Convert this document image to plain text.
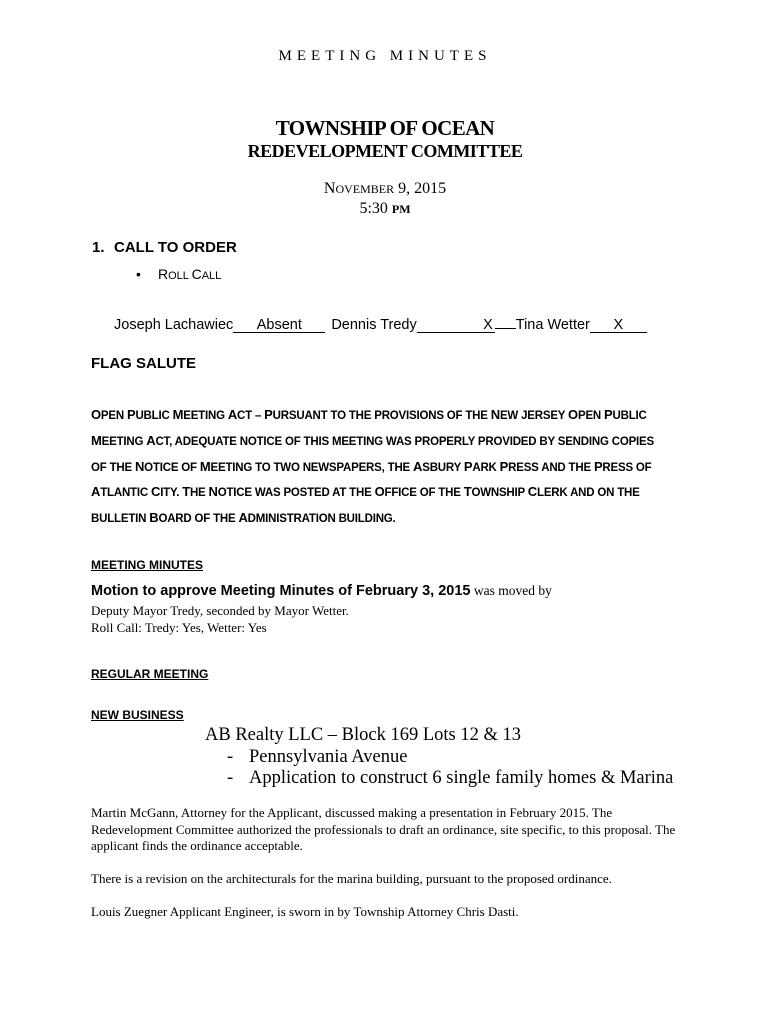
MEETING MINUTES
TOWNSHIP OF OCEAN
REDEVELOPMENT COMMITTEE
NOVEMBER 9, 2015
5:30 PM
1. CALL TO ORDER
• ROLL CALL
Joseph Lachawiec Absent Dennis Tredy	X Tina Wetter X
FLAG SALUTE
OPEN PUBLIC MEETING ACT – PURSUANT TO THE PROVISIONS OF THE NEW JERSEY OPEN PUBLIC
MEETING ACT, ADEQUATE NOTICE OF THIS MEETING WAS PROPERLY PROVIDED BY SENDING COPIES
OF THE NOTICE OF MEETING TO TWO NEWSPAPERS, THE ASBURY PARK PRESS AND THE PRESS OF
ATLANTIC CITY. THE NOTICE WAS POSTED AT THE OFFICE OF THE TOWNSHIP CLERK AND ON THE
BULLETIN BOARD OF THE ADMINISTRATION BUILDING.
MEETING MINUTES
Motion to approve Meeting Minutes of February 3, 2015 was moved by
Deputy Mayor Tredy, seconded by Mayor Wetter.
Roll Call: Tredy: Yes, Wetter: Yes
REGULAR MEETING
NEW BUSINESS
AB Realty LLC – Block 169 Lots 12 & 13
- Pennsylvania Avenue
- Application to construct 6 single family homes & Marina
Martin McGann, Attorney for the Applicant, discussed making a presentation in February 2015. The Redevelopment Committee authorized the professionals to draft an ordinance, site specific, to this proposal. The applicant finds the ordinance acceptable.
There is a revision on the architecturals for the marina building, pursuant to the proposed ordinance.
Louis Zuegner Applicant Engineer, is sworn in by Township Attorney Chris Dasti.
